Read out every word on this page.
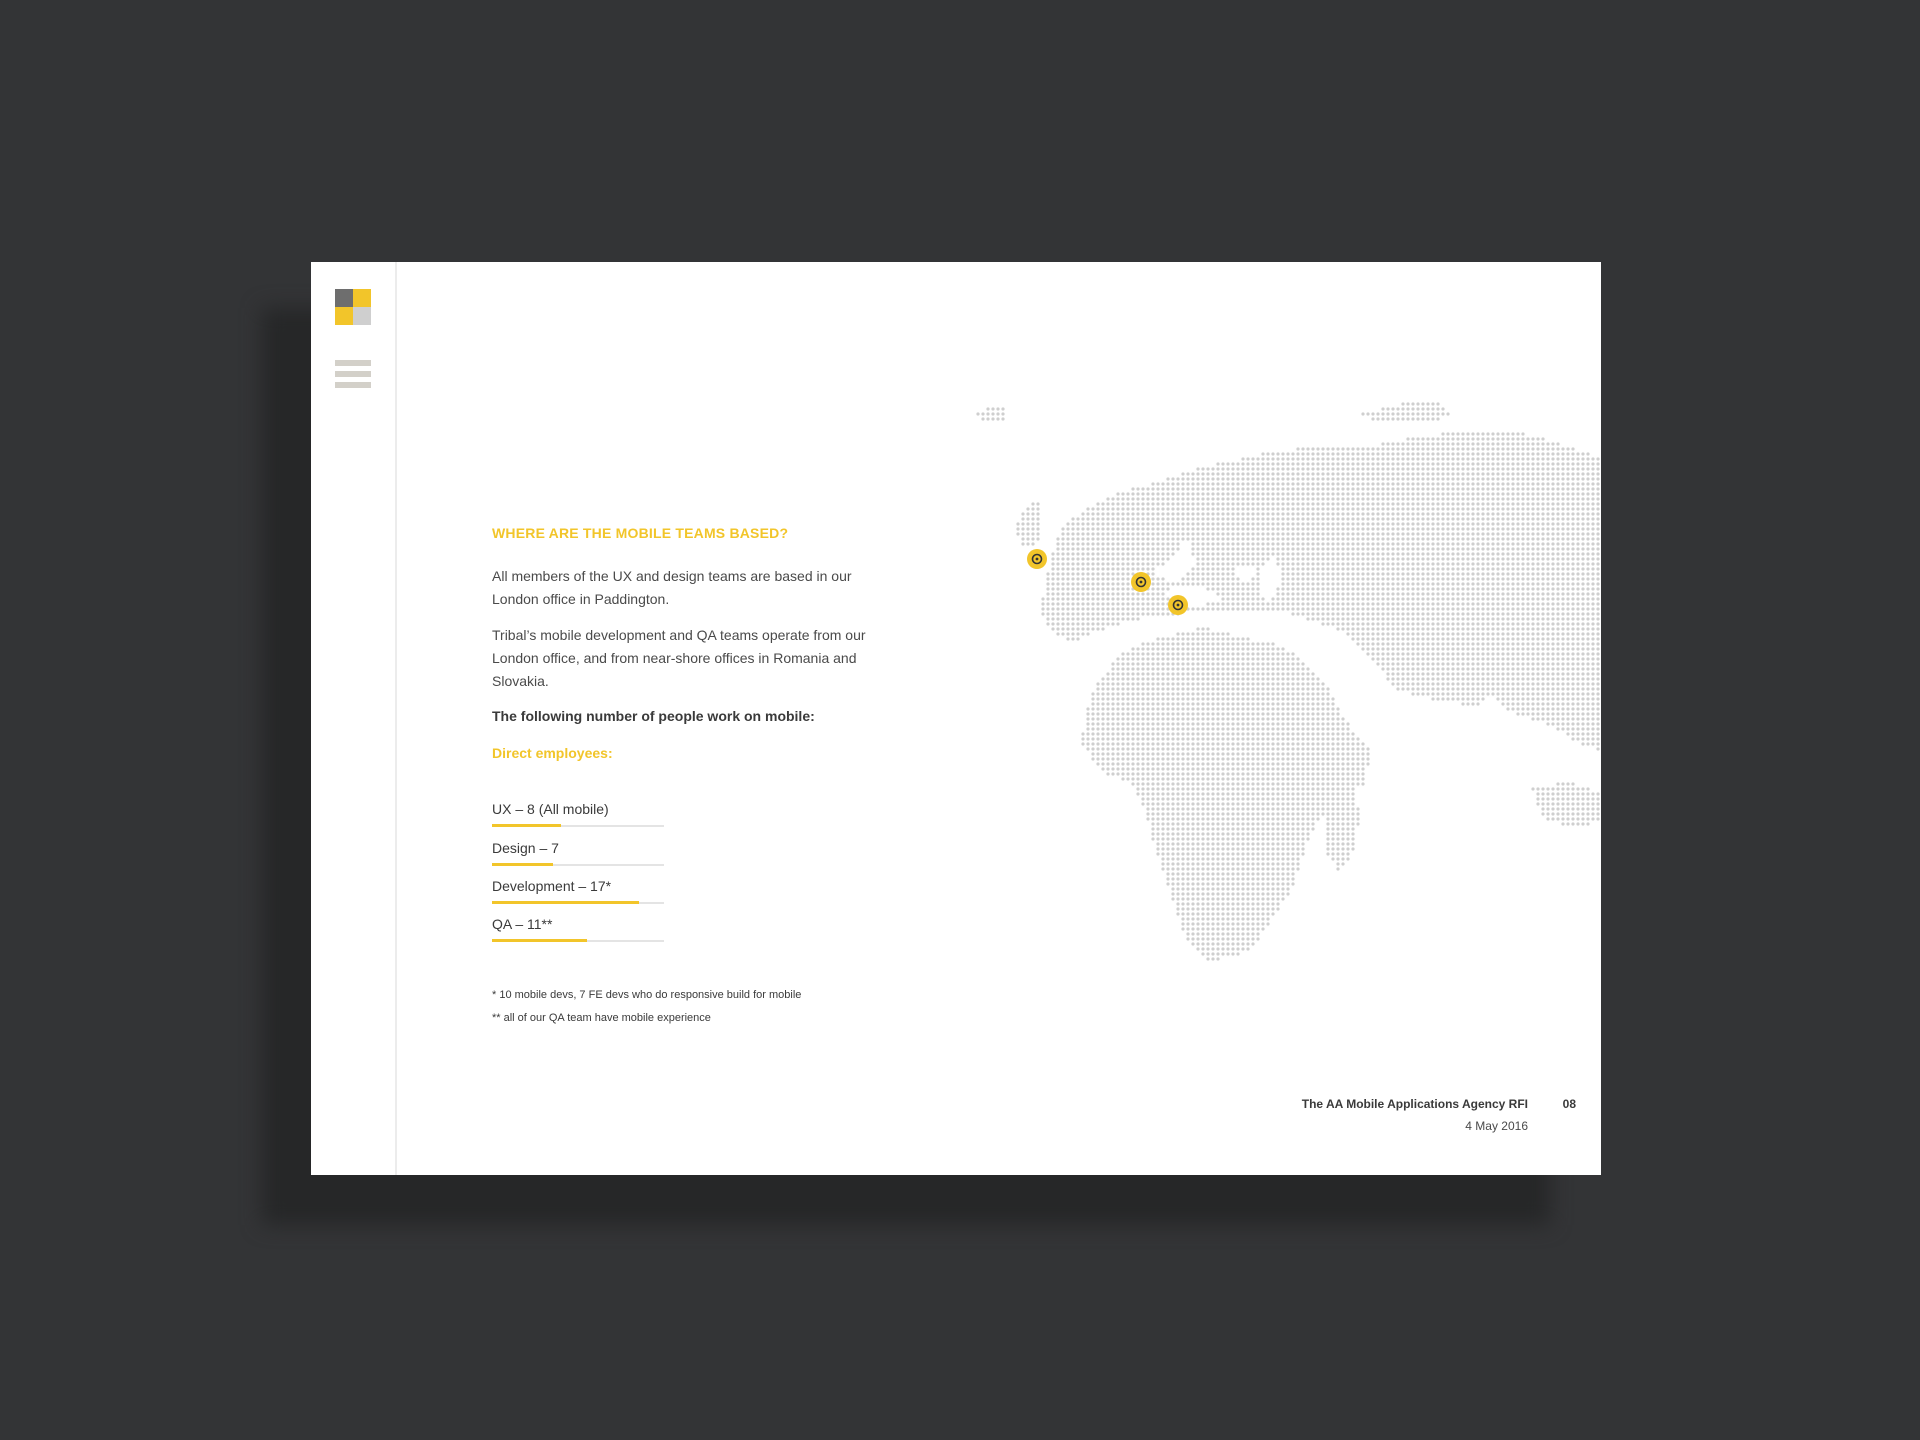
WHERE ARE THE MOBILE TEAMS BASED?
All members of the UX and design teams are based in our London office in Paddington.
Tribal’s mobile development and QA teams operate from our London office, and from near-shore offices in Romania and Slovakia.
The following number of people work on mobile:
Direct employees:
UX – 8 (All mobile)
Design – 7
Development – 17*
QA – 11**
* 10 mobile devs, 7 FE devs who do responsive build for mobile
** all of our QA team have mobile experience
The AA Mobile Applications Agency RFI
4 May 2016
08
